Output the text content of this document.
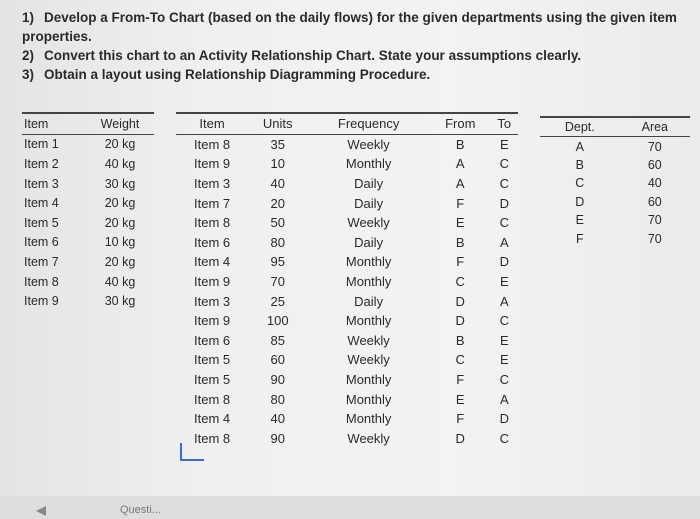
1) Develop a From-To Chart (based on the daily flows) for the given departments using the given item

properties.

2) Convert this chart to an Activity Relationship Chart. State your assumptions clearly.

3) Obtain a layout using Relationship Diagramming Procedure.

Item	Weight
Item 1	20 kg
Item 2	40 kg
Item 3	30 kg
Item 4	20 kg
Item 5	20 kg
Item 6	10 kg
Item 7	20 kg
Item 8	40 kg
Item 9	30 kg
Item	Units	Frequency	From	To
Item 8	35	Weekly	B	E
Item 9	10	Monthly	A	C
Item 3	40	Daily	A	C
Item 7	20	Daily	F	D
Item 8	50	Weekly	E	C
Item 6	80	Daily	B	A
Item 4	95	Monthly	F	D
Item 9	70	Monthly	C	E
Item 3	25	Daily	D	A
Item 9	100	Monthly	D	C
Item 6	85	Weekly	B	E
Item 5	60	Weekly	C	E
Item 5	90	Monthly	F	C
Item 8	80	Monthly	E	A
Item 4	40	Monthly	F	D
Item 8	90	Weekly	D	C
Dept.	Area
A	70
B	60
C	40
D	60
E	70
F	70
Questi...
